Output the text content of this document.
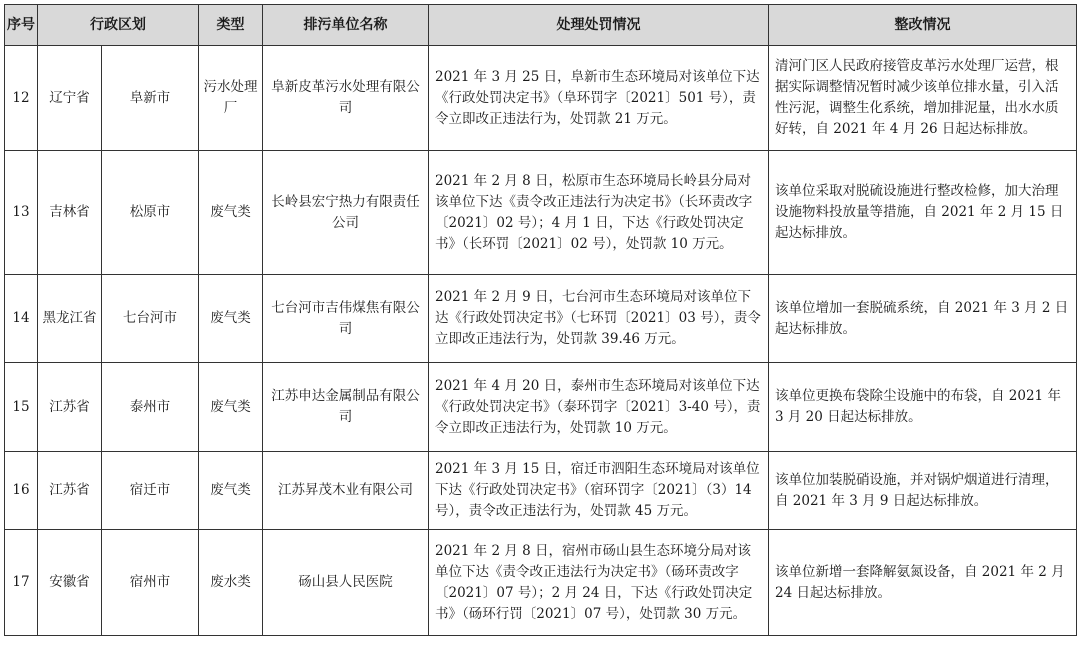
序号	行政区划		类型	排污单位名称	处理处罚情况	整改情况
12	辽宁省	阜新市	污水处理厂	阜新皮革污水处理有限公司	2021 年 3 月 25 日，阜新市生态环境局对该单位下达《行政处罚决定书》（阜环罚字〔2021〕501 号），责令立即改正违法行为，处罚款 21 万元。	清河门区人民政府接管皮革污水处理厂运营，根据实际调整情况暂时减少该单位排水量，引入活性污泥，调整生化系统，增加排泥量，出水水质好转，自 2021 年 4 月 26 日起达标排放。
13	吉林省	松原市	废气类	长岭县宏宁热力有限责任公司	2021 年 2 月 8 日，松原市生态环境局长岭县分局对该单位下达《责令改正违法行为决定书》（长环责改字〔2021〕02 号）；4 月 1 日，下达《行政处罚决定书》（长环罚〔2021〕02 号），处罚款 10 万元。	该单位采取对脱硫设施进行整改检修，加大治理设施物料投放量等措施，自 2021 年 2 月 15 日起达标排放。
14	黑龙江省	七台河市	废气类	七台河市吉伟煤焦有限公司	2021 年 2 月 9 日，七台河市生态环境局对该单位下达《行政处罚决定书》（七环罚〔2021〕03 号），责令立即改正违法行为，处罚款 39.46 万元。	该单位增加一套脱硫系统，自 2021 年 3 月 2 日起达标排放。
15	江苏省	泰州市	废气类	江苏申达金属制品有限公司	2021 年 4 月 20 日，泰州市生态环境局对该单位下达《行政处罚决定书》（泰环罚字〔2021〕3-40 号），责令立即改正违法行为，处罚款 10 万元。	该单位更换布袋除尘设施中的布袋，自 2021 年 3 月 20 日起达标排放。
16	江苏省	宿迁市	废气类	江苏昇茂木业有限公司	2021 年 3 月 15 日，宿迁市泗阳生态环境局对该单位下达《行政处罚决定书》（宿环罚字〔2021〕（3）14 号），责令改正违法行为，处罚款 45 万元。	该单位加装脱硝设施，并对锅炉烟道进行清理，自 2021 年 3 月 9 日起达标排放。
17	安徽省	宿州市	废水类	砀山县人民医院	2021 年 2 月 8 日，宿州市砀山县生态环境分局对该单位下达《责令改正违法行为决定书》（砀环责改字〔2021〕07 号）；2 月 24 日，下达《行政处罚决定书》（砀环行罚〔2021〕07 号），处罚款 30 万元。	该单位新增一套降解氨氮设备，自 2021 年 2 月 24 日起达标排放。
